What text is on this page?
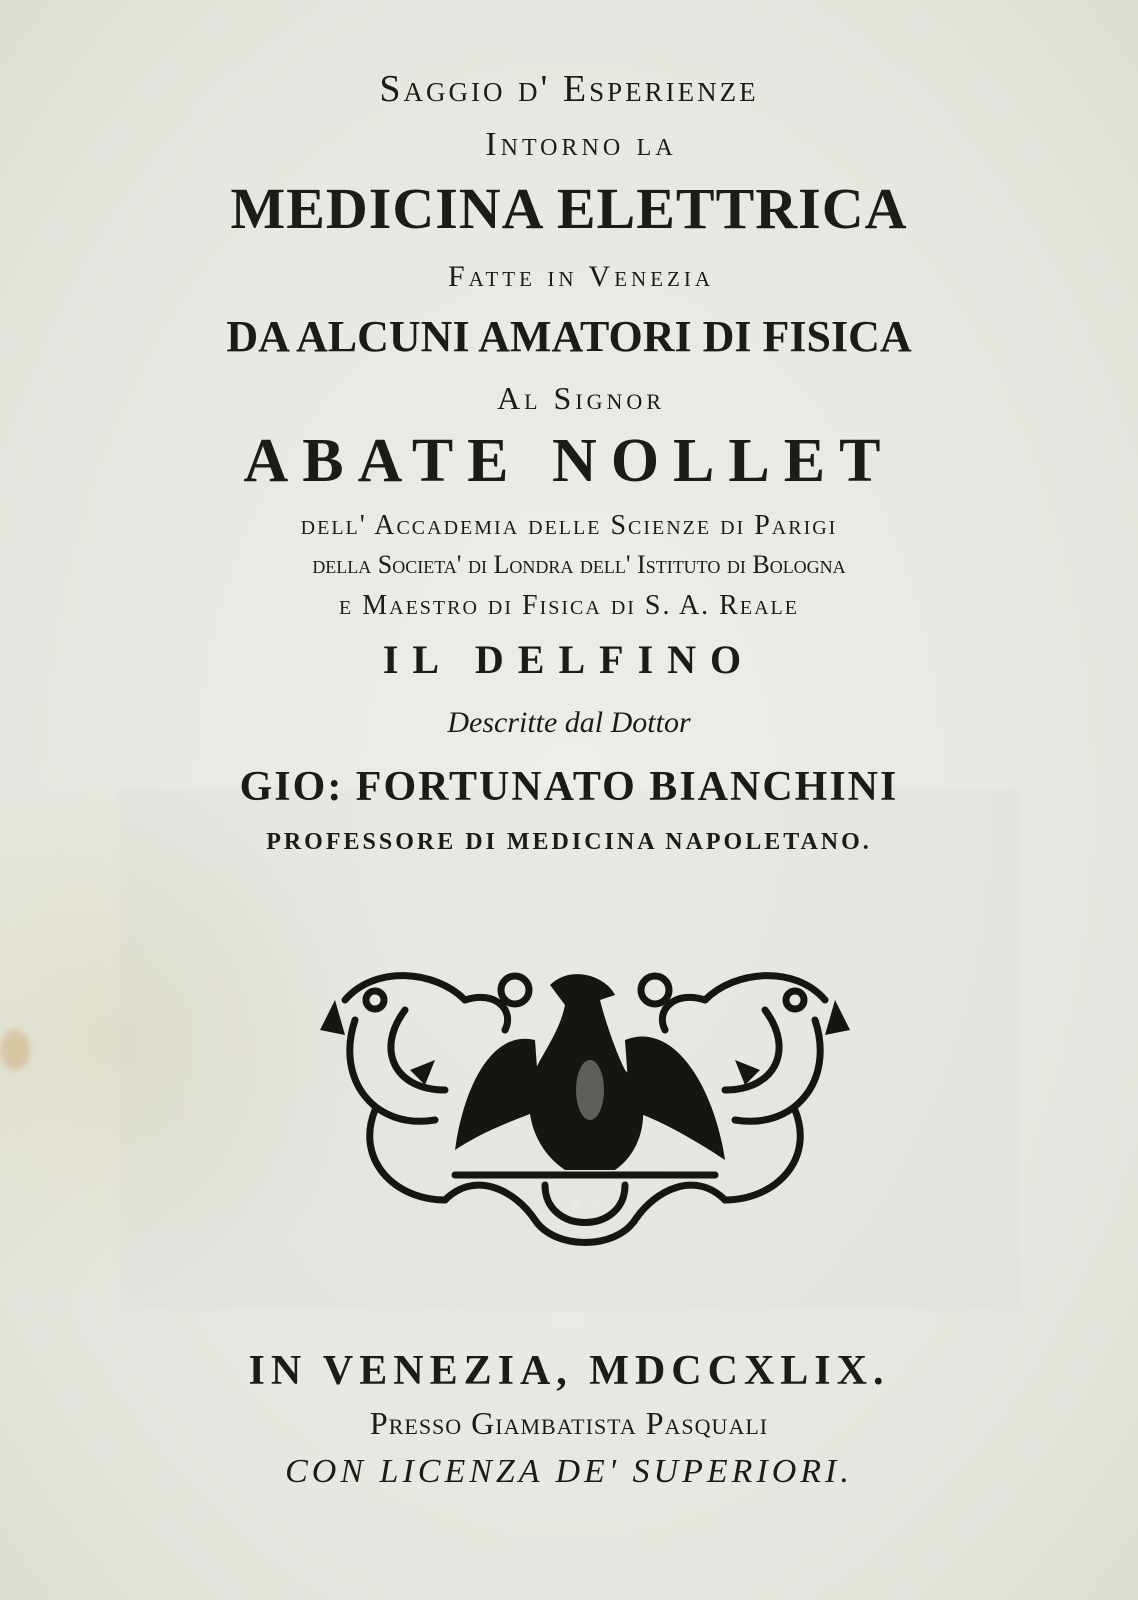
Saggio d' Esperienze
Intorno la
MEDICINA ELETTRICA
Fatte in Venezia
DA ALCUNI AMATORI DI FISICA
Al Signor
ABATE NOLLET
dell' Accademia delle Scienze di Parigi
della Societa' di Londra dell' Istituto di Bologna
e Maestro di Fisica di S. A. Reale
IL DELFINO
Descritte dal Dottor
GIO: FORTUNATO BIANCHINI
PROFESSORE DI MEDICINA NAPOLETANO.
IN VENEZIA, MDCCXLIX.
Presso Giambatista Pasquali
CON LICENZA DE' SUPERIORI.
